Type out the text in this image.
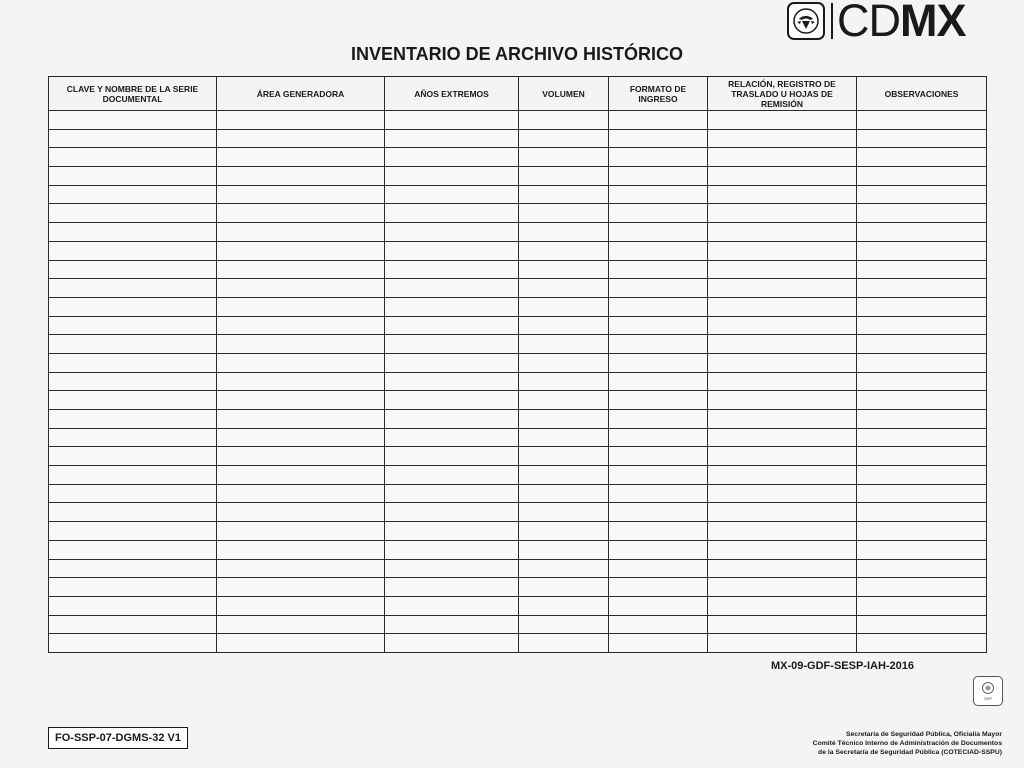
CDMX
INVENTARIO DE ARCHIVO HISTÓRICO
CLAVE Y NOMBRE DE LA SERIE DOCUMENTAL	ÁREA GENERADORA	AÑOS EXTREMOS	VOLUMEN	FORMATO DE INGRESO	RELACIÓN, REGISTRO DE TRASLADO U HOJAS DE REMISIÓN	OBSERVACIONES

MX-09-GDF-SESP-IAH-2016
SSP
FO-SSP-07-DGMS-32 V1	Secretaría de Seguridad Pública, Oficialía Mayor
Comité Técnico Interno de Administración de Documentos
de la Secretaría de Seguridad Pública (COTECIAD-SSPU)
